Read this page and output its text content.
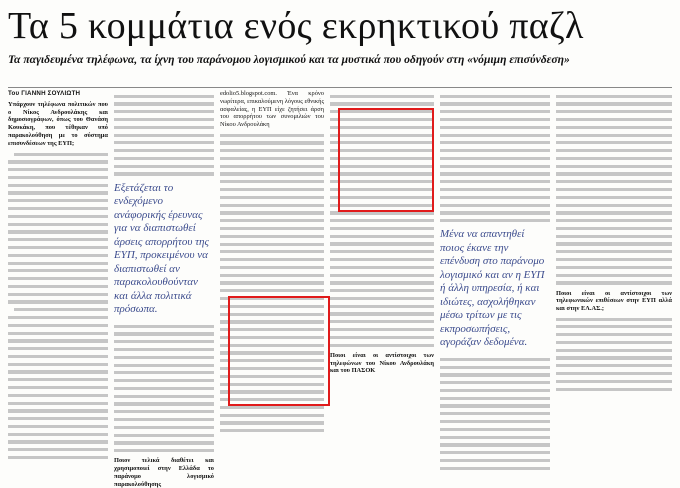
Τα 5 κομμάτια ενός εκρηκτικού παζλ

Τα παγιδευμένα τηλέφωνα, τα ίχνη του παράνομου λογισμικού και τα μυστικά που οδηγούν στη «νόμιμη επισύνδεση»

Του ΓΙΑΝΝΗ ΣΟΥΛΙΩΤΗ
Υπάρχουν τηλέφωνα πολιτικών που ο Νίκος Ανδρουλάκης και δημοσιογράφων, όπως του Θανάση Κουκάκη, που τέθηκαν υπό παρακολούθηση με το σύστημα επισυνδέσεων της ΕΥΠ;
Εξετάζεται το ενδεχόμενο ανάφορικής έρευνας για να διαπιστωθεί άρσεις απορρήτου της ΕΥΠ, προκειμένου να διαπιστωθεί αν παρακολουθούνταν και άλλα πολιτικά πρόσωπα.
Ποιον τελικά διαθέτει και χρησιμοποιεί στην Ελλάδα το παράνομο λογισμικό παρακολούθησης
edolio5.blogspot.com. Ένα κρόνο νωρίτερα, επικαλούμενη λόγους εθνικής ασφαλείας, η ΕΥΠ είχε ζητήσει άρση του απορρήτου των συνομιλιών του Νίκου Ανδρουλάκη
Ποιοι είναι οι αντίστοιχοι των τηλεφώνων του Νίκου Ανδρουλάκη και του ΠΑΣΟΚ
Μένα να απαντηθεί ποιος έκανε την επένδυση στο παράνομο λογισμικό και αν η ΕΥΠ ή άλλη υπηρεσία, ή και ιδιώτες, ασχολήθηκαν μέσω τρίτων με τις εκπροσωπήσεις, αγοράζαν δεδομένα.
Ποιοι είναι οι αντίστοιχοι των τηλεφωνικών επιθέσεων στην ΕΥΠ αλλά και στην ΕΛ.ΑΣ.;
